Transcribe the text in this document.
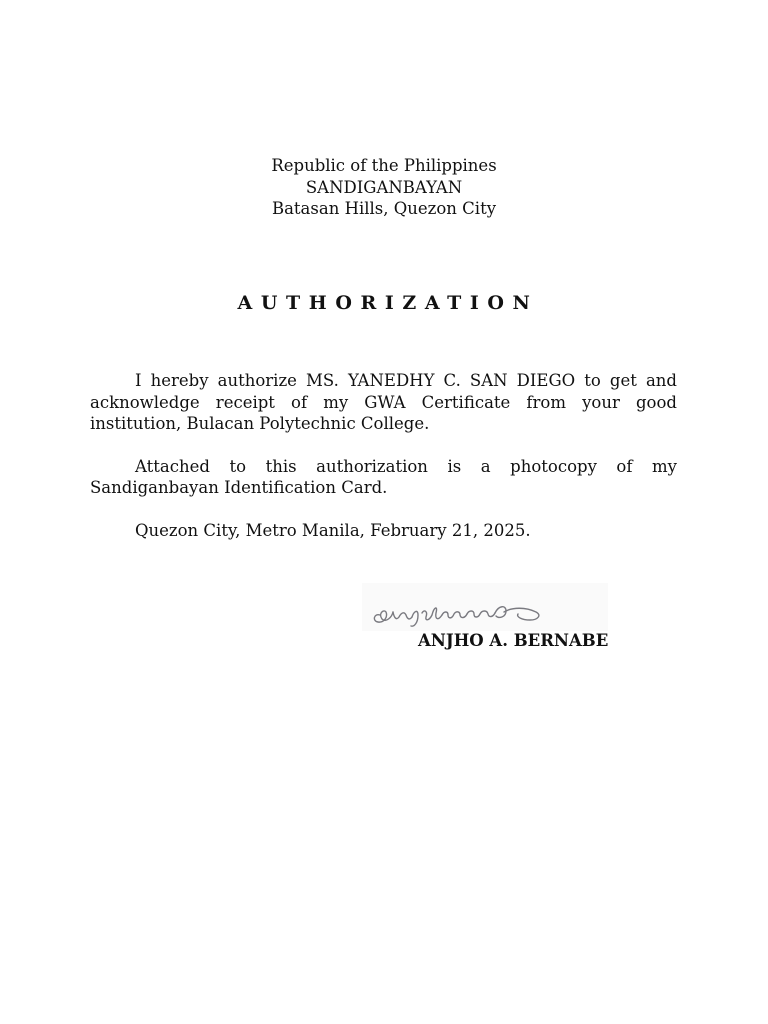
Republic of the Philippines
SANDIGANBAYAN
Batasan Hills, Quezon City
AUTHORIZATION

I hereby authorize MS. YANEDHY C. SAN DIEGO to get and acknowledge receipt of my GWA Certificate from your good institution, Bulacan Polytechnic College.

Attached to this authorization is a photocopy of my Sandiganbayan Identification Card.

Quezon City, Metro Manila, February 21, 2025.

ANJHO A. BERNABE
